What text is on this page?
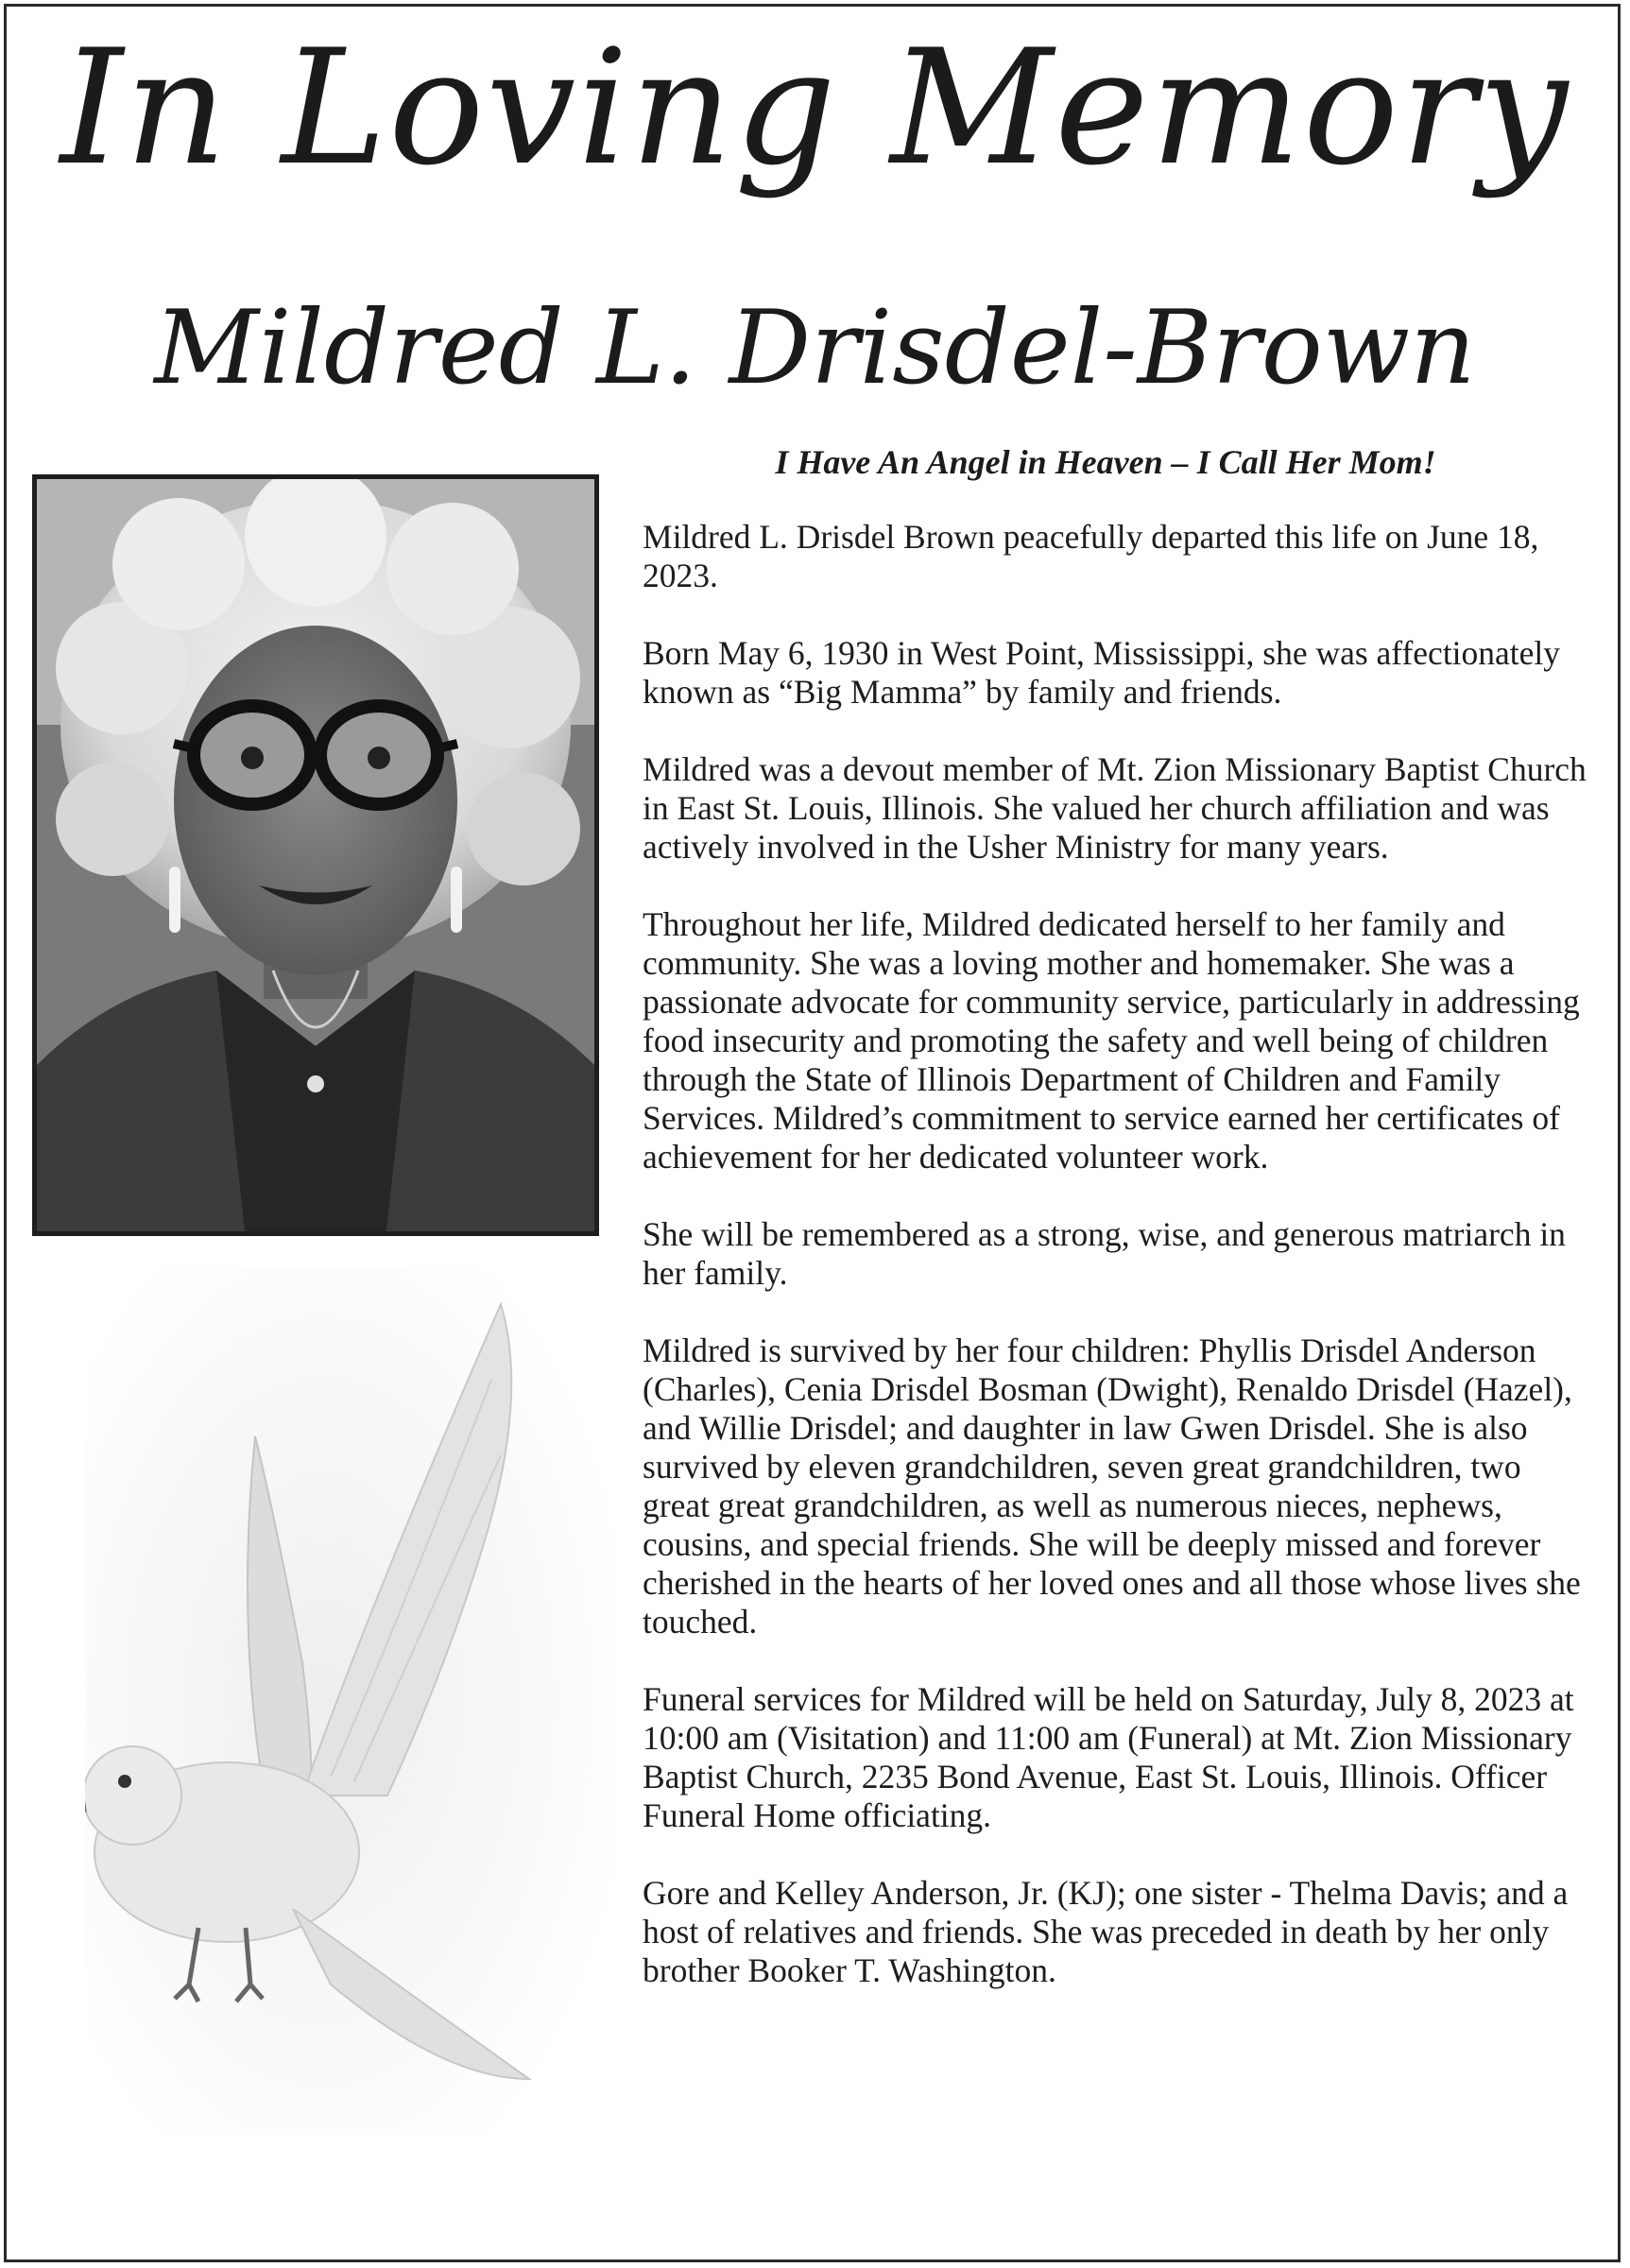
In Loving Memory
Mildred L. Drisdel-Brown
I Have An Angel in Heaven – I Call Her Mom!

Mildred L. Drisdel Brown peacefully departed this life on June 18, 2023.

Born May 6, 1930 in West Point, Mississippi, she was affectionately known as “Big Mamma” by family and friends.

Mildred was a devout member of Mt. Zion Missionary Baptist Church in East St. Louis, Illinois. She valued her church affiliation and was actively involved in the Usher Ministry for many years.

Throughout her life, Mildred dedicated herself to her family and community. She was a loving mother and homemaker. She was a passionate advocate for community service, particularly in addressing food insecurity and promoting the safety and well being of children through the State of Illinois Department of Children and Family Services. Mildred’s commitment to service earned her certificates of achievement for her dedicated volunteer work.

She will be remembered as a strong, wise, and generous matriarch in her family.

Mildred is survived by her four children: Phyllis Drisdel Anderson (Charles), Cenia Drisdel Bosman (Dwight), Renaldo Drisdel (Hazel), and Willie Drisdel; and daughter in law Gwen Drisdel. She is also survived by eleven grandchildren, seven great grandchildren, two great great grandchildren, as well as numerous nieces, nephews, cousins, and special friends. She will be deeply missed and forever cherished in the hearts of her loved ones and all those whose lives she touched.

Funeral services for Mildred will be held on Saturday, July 8, 2023 at 10:00 am (Visitation) and 11:00 am (Funeral) at Mt. Zion Missionary Baptist Church, 2235 Bond Avenue, East St. Louis, Illinois. Officer Funeral Home officiating.

Gore and Kelley Anderson, Jr. (KJ); one sister - Thelma Davis; and a host of relatives and friends. She was preceded in death by her only brother Booker T. Washington.
